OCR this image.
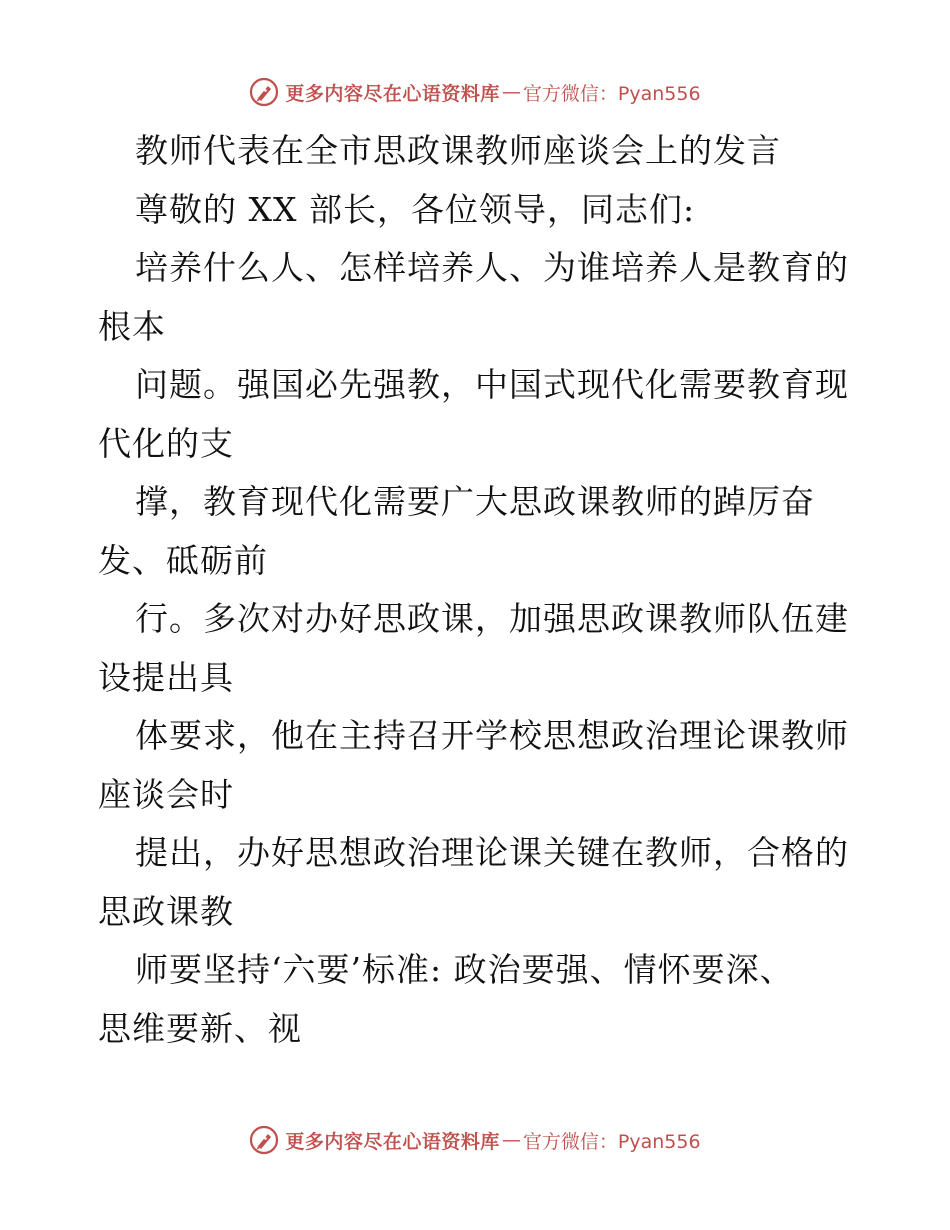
更多内容尽在心语资料库 — 官方微信：Pyan556
教师代表在全市思政课教师座谈会上的发言
尊敬的 XX 部长，各位领导，同志们:
培养什么人、怎样培养人、为谁培养人是教育的
根本
问题。强国必先强教，中国式现代化需要教育现
代化的支
撑，教育现代化需要广大思政课教师的踔厉奋
发、砥砺前
行。多次对办好思政课，加强思政课教师队伍建
设提出具
体要求，他在主持召开学校思想政治理论课教师
座谈会时
提出，办好思想政治理论课关键在教师，合格的
思政课教
师要坚持‘六要’标准: 政治要强、情怀要深、
思维要新、视
更多内容尽在心语资料库 — 官方微信：Pyan556
